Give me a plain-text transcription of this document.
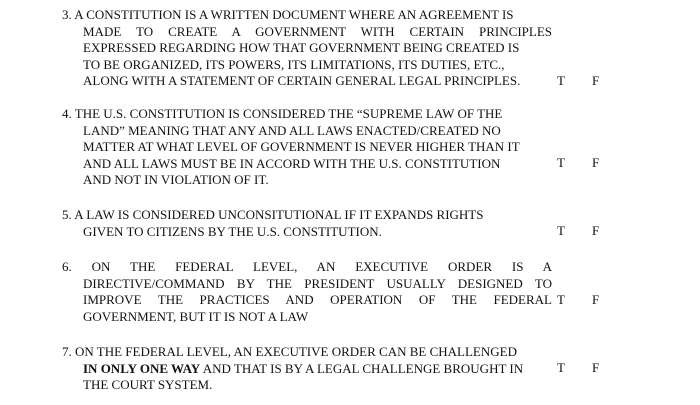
3. A CONSTITUTION IS A WRITTEN DOCUMENT WHERE AN AGREEMENT IS
MADE TO CREATE A GOVERNMENT WITH CERTAIN PRINCIPLES
EXPRESSED REGARDING HOW THAT GOVERNMENT BEING CREATED IS
TO BE ORGANIZED, ITS POWERS, ITS LIMITATIONS, ITS DUTIES, ETC.,
ALONG WITH A STATEMENT OF CERTAIN GENERAL LEGAL PRINCIPLES.	T F
4. THE U.S. CONSTITUTION IS CONSIDERED THE “SUPREME LAW OF THE
LAND” MEANING THAT ANY AND ALL LAWS ENACTED/CREATED NO
MATTER AT WHAT LEVEL OF GOVERNMENT IS NEVER HIGHER THAN IT
AND ALL LAWS MUST BE IN ACCORD WITH THE U.S. CONSTITUTION
AND NOT IN VIOLATION OF IT.
T F
5. A LAW IS CONSIDERED UNCONSITUTIONAL IF IT EXPANDS RIGHTS
GIVEN TO CITIZENS BY THE U.S. CONSTITUTION.	T F
6. ON THE FEDERAL LEVEL, AN EXECUTIVE ORDER IS A
DIRECTIVE/COMMAND BY THE PRESIDENT USUALLY DESIGNED TO
IMPROVE THE PRACTICES AND OPERATION OF THE FEDERAL
GOVERNMENT, BUT IT IS NOT A LAW
T F
7. ON THE FEDERAL LEVEL, AN EXECUTIVE ORDER CAN BE CHALLENGED
IN ONLY ONE WAY AND THAT IS BY A LEGAL CHALLENGE BROUGHT IN
THE COURT SYSTEM.
T F
